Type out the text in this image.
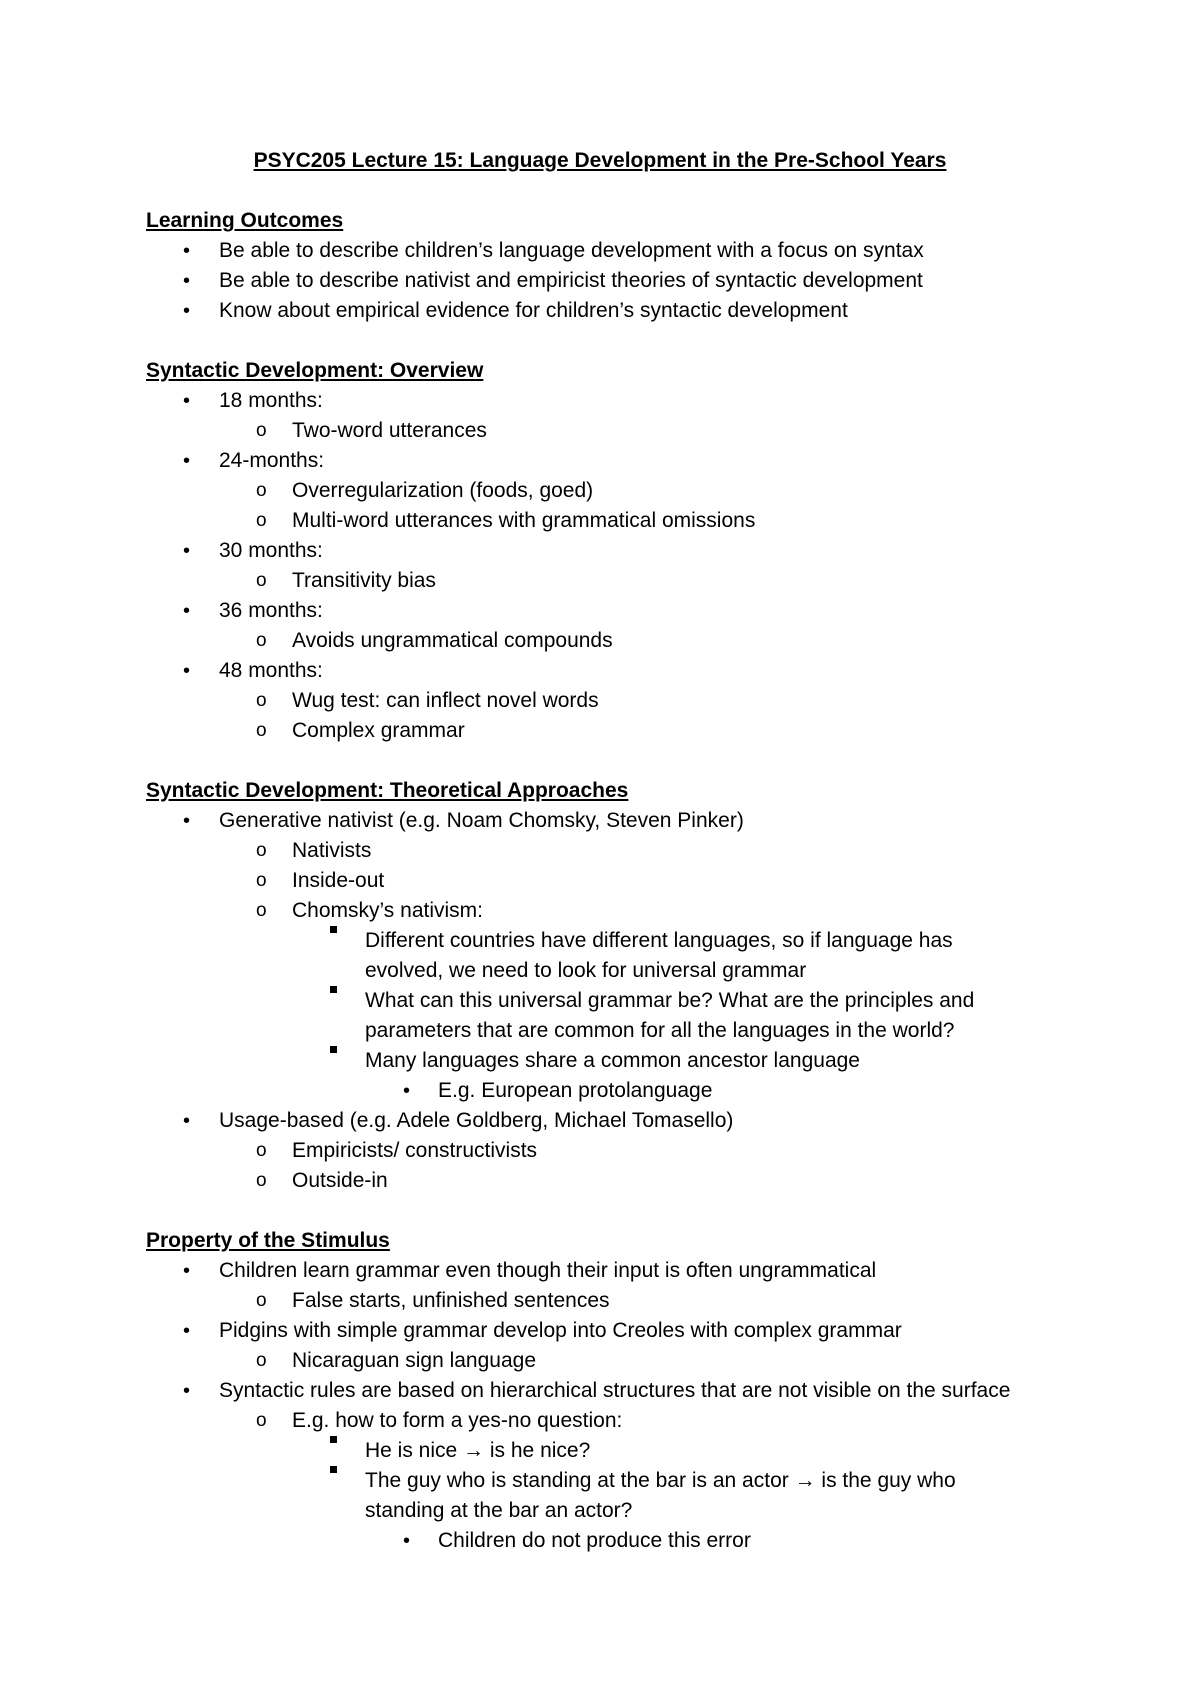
PSYC205 Lecture 15: Language Development in the Pre-School Years
Learning Outcomes
• Be able to describe children’s language development with a focus on syntax
• Be able to describe nativist and empiricist theories of syntactic development
• Know about empirical evidence for children’s syntactic development
Syntactic Development: Overview
• 18 months:
o Two-word utterances
• 24-months:
o Overregularization (foods, goed)
o Multi-word utterances with grammatical omissions
• 30 months:
o Transitivity bias
• 36 months:
o Avoids ungrammatical compounds
• 48 months:
o Wug test: can inflect novel words
o Complex grammar
Syntactic Development: Theoretical Approaches
• Generative nativist (e.g. Noam Chomsky, Steven Pinker)
o Nativists
o Inside-out
o Chomsky’s nativism:
Different countries have different languages, so if language has
evolved, we need to look for universal grammar
What can this universal grammar be? What are the principles and
parameters that are common for all the languages in the world?
Many languages share a common ancestor language
• E.g. European protolanguage
• Usage-based (e.g. Adele Goldberg, Michael Tomasello)
o Empiricists/ constructivists
o Outside-in
Property of the Stimulus
• Children learn grammar even though their input is often ungrammatical
o False starts, unfinished sentences
• Pidgins with simple grammar develop into Creoles with complex grammar
o Nicaraguan sign language
• Syntactic rules are based on hierarchical structures that are not visible on the surface
o E.g. how to form a yes-no question:
He is nice → is he nice?
The guy who is standing at the bar is an actor → is the guy who
standing at the bar an actor?
• Children do not produce this error
